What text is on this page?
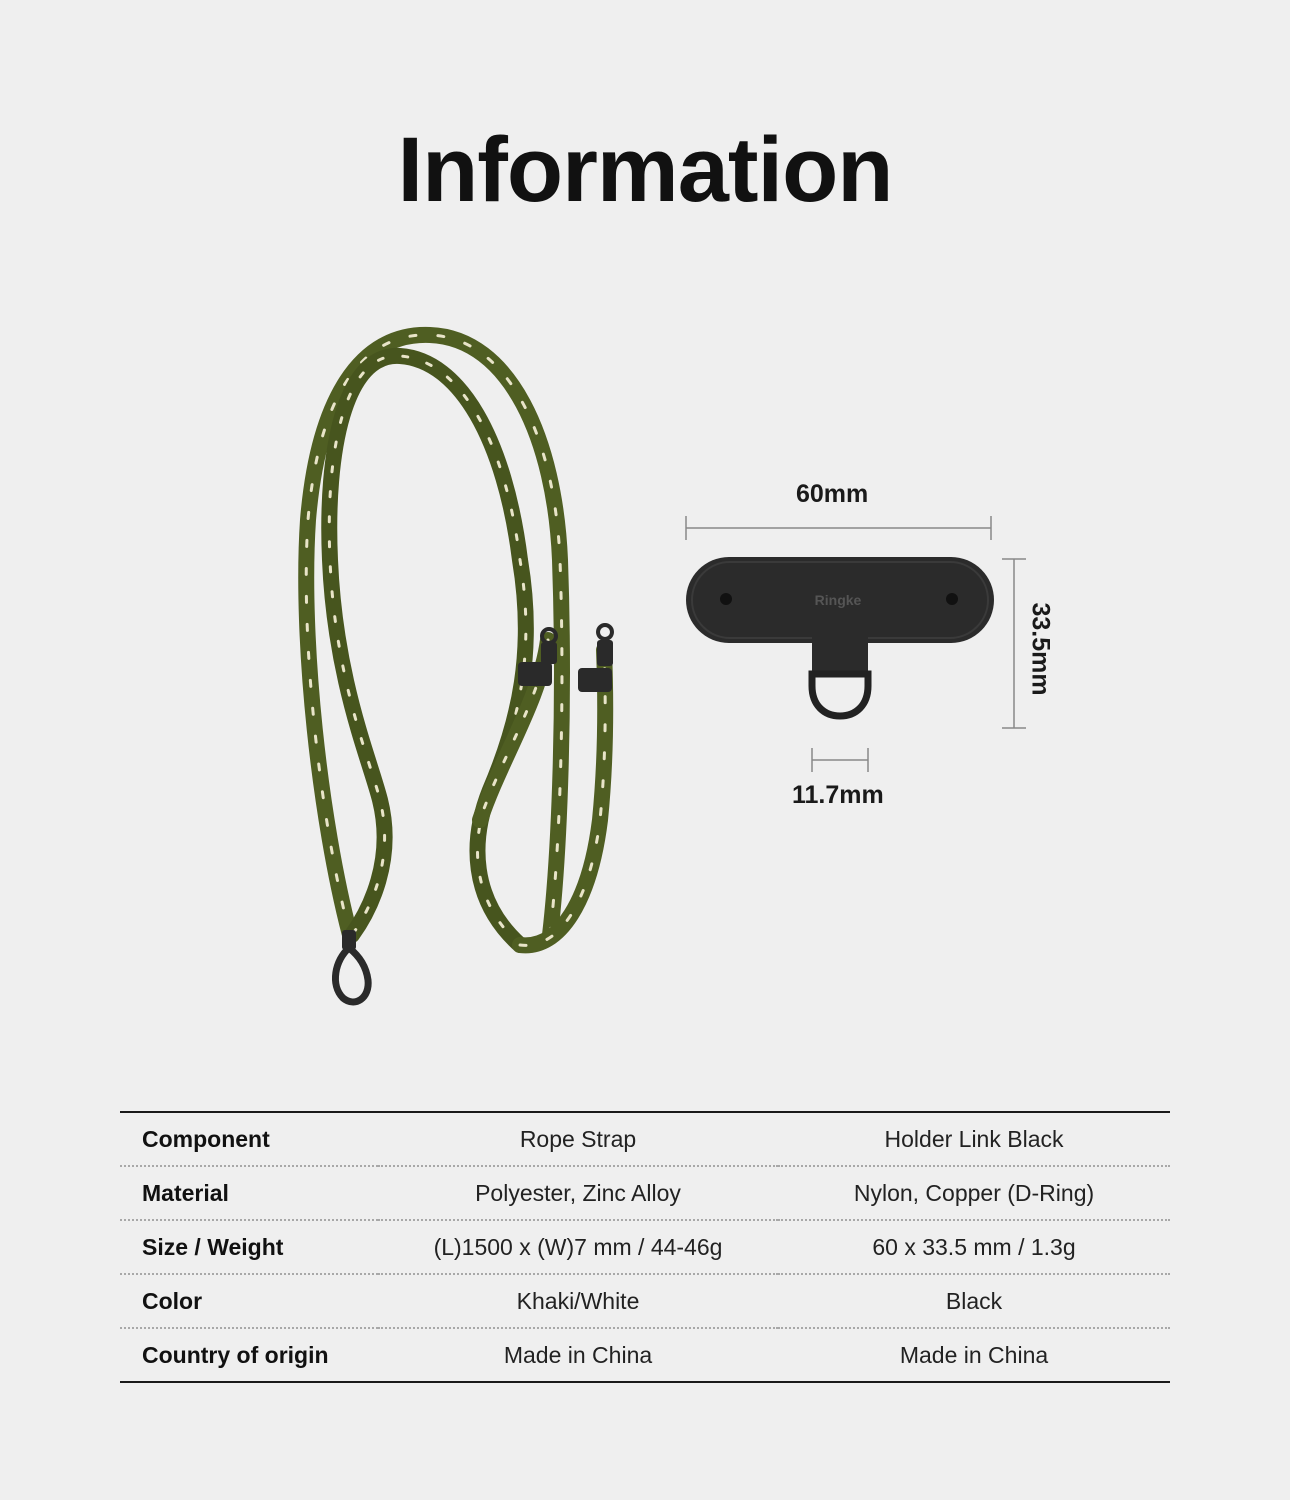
Information
Ringke
60mm
33.5mm
11.7mm
Component	Rope Strap	Holder Link Black
Material	Polyester, Zinc Alloy	Nylon, Copper (D-Ring)
Size / Weight	(L)1500 x (W)7 mm / 44-46g	60 x 33.5 mm / 1.3g
Color	Khaki/White	Black
Country of origin	Made in China	Made in China
